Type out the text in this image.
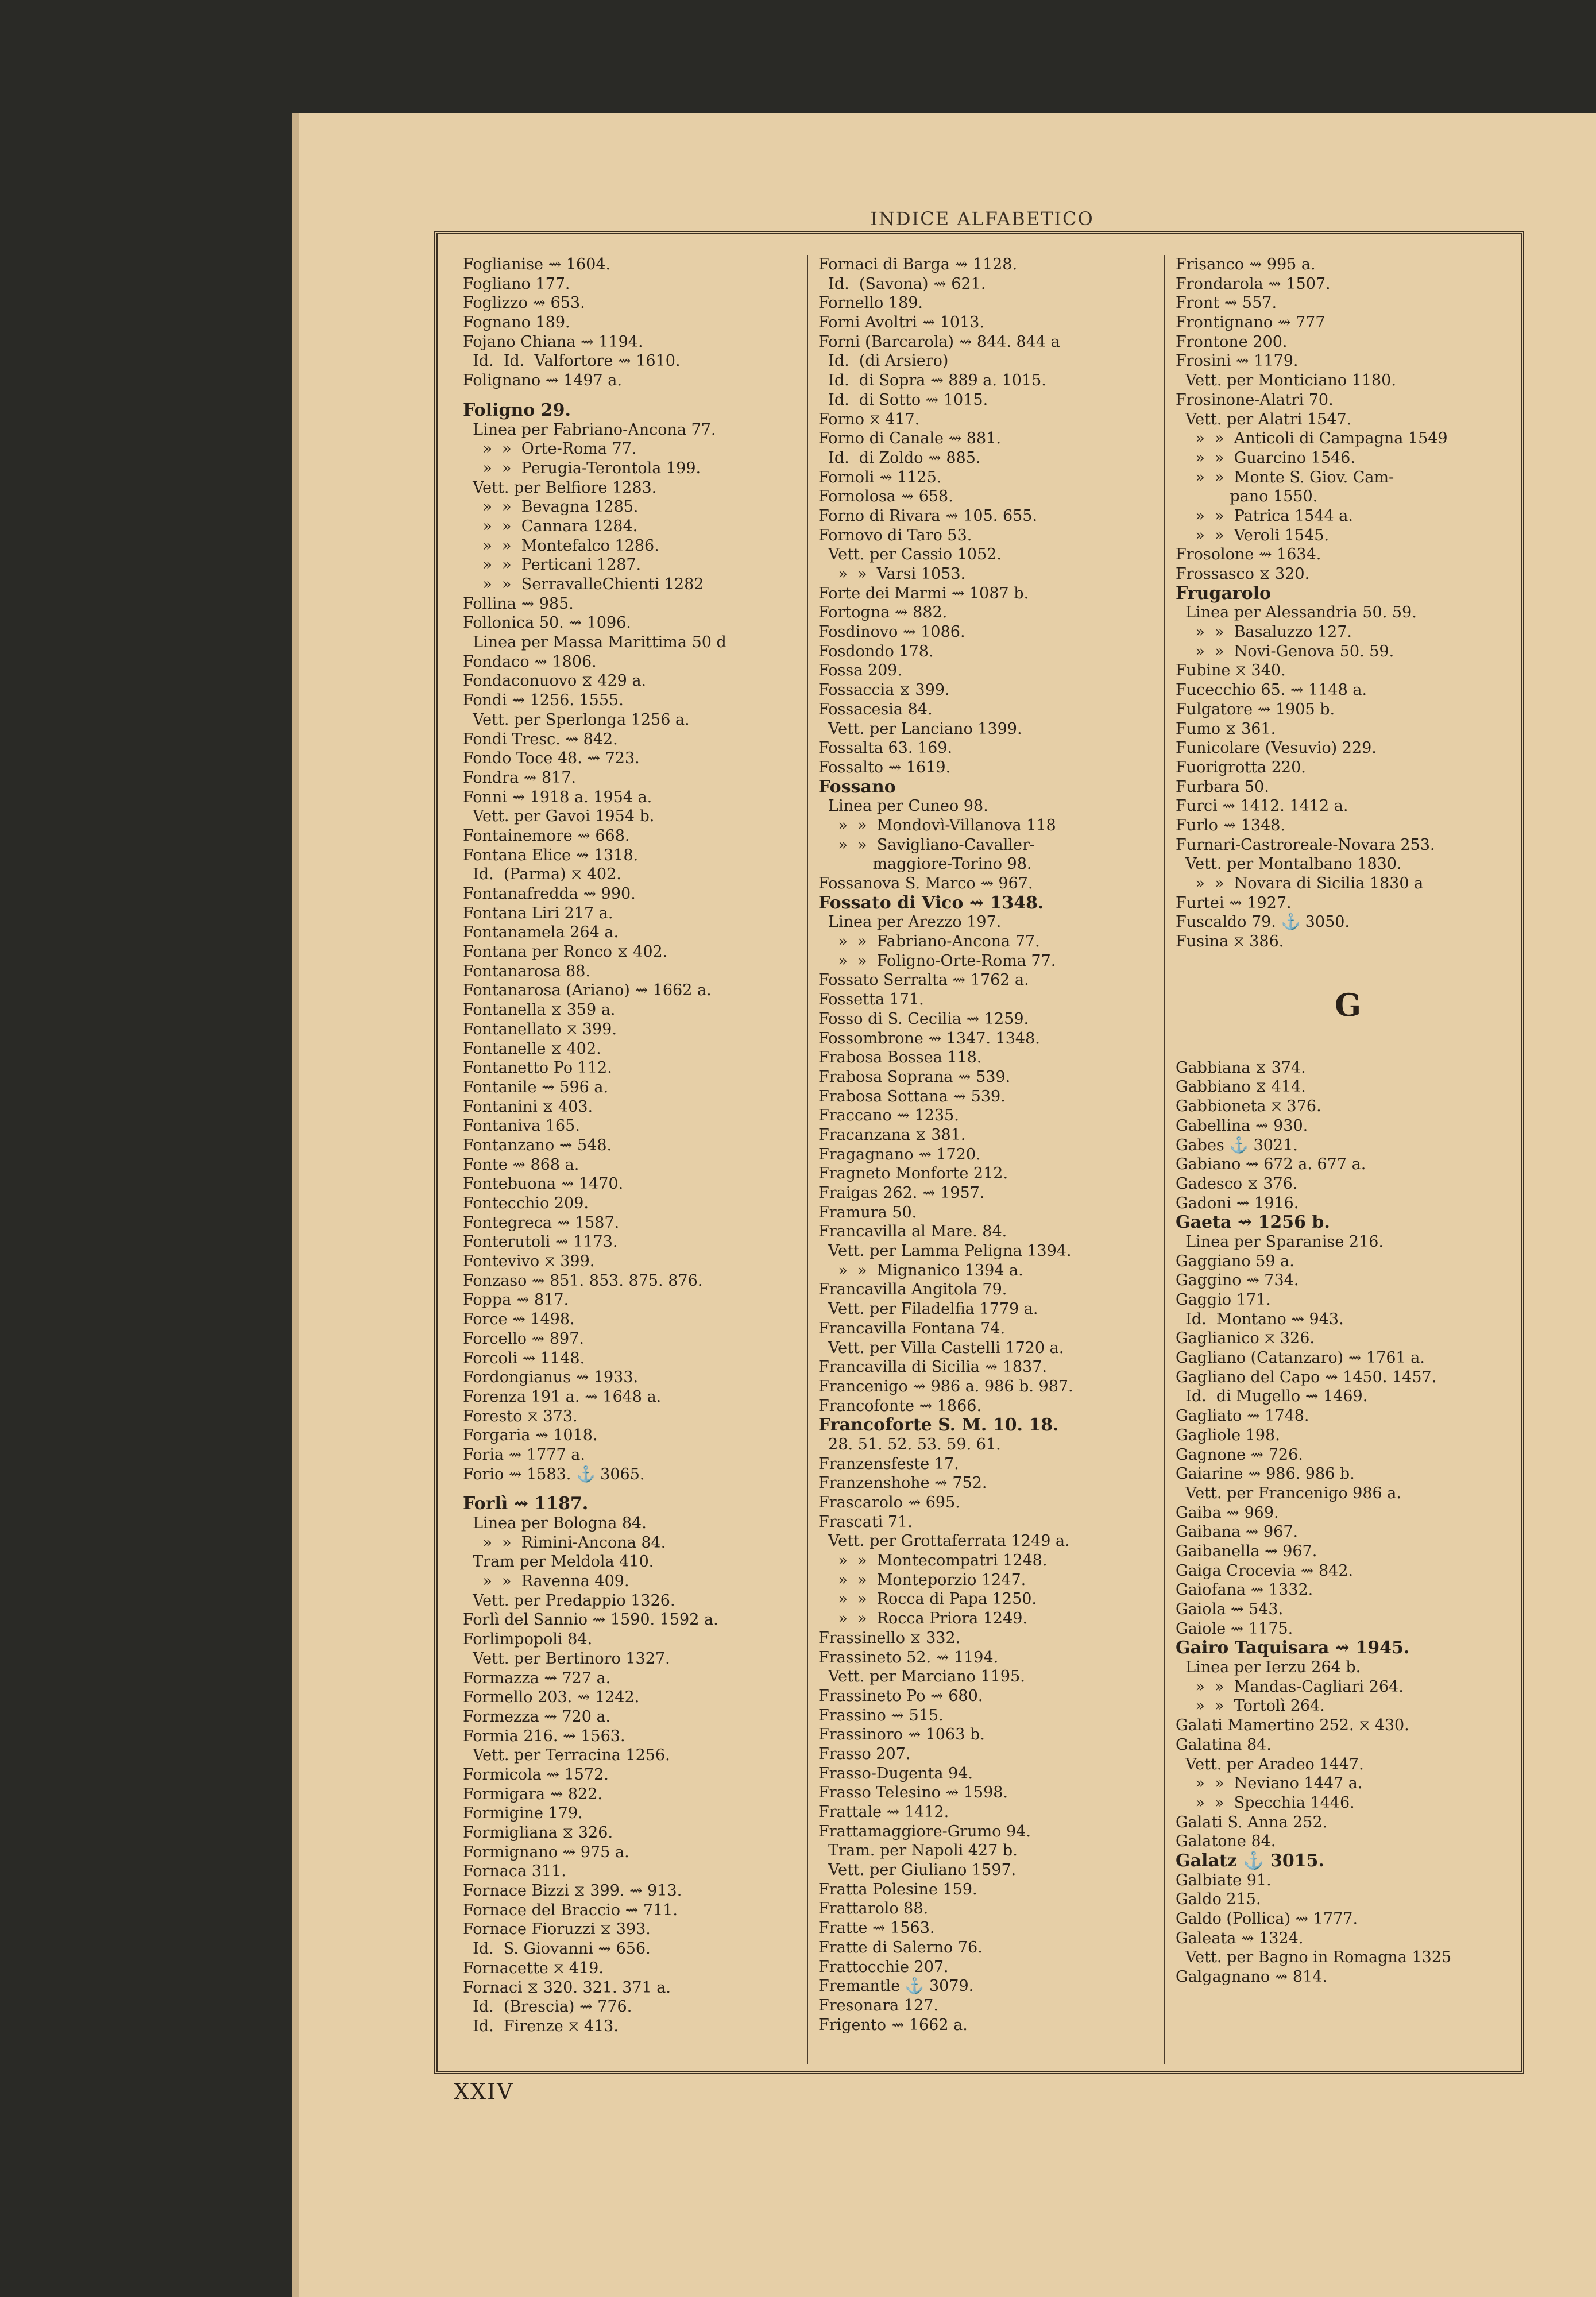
INDICE ALFABETICO
Foglianise ⇝ 1604.
Fogliano 177.
Foglizzo ⇝ 653.
Fognano 189.
Fojano Chiana ⇝ 1194.
Id.  Id.  Valfortore ⇝ 1610.
Folignano ⇝ 1497 a.
Foligno 29.
Linea per Fabriano-Ancona 77.
»  »  Orte-Roma 77.
»  »  Perugia-Terontola 199.
Vett. per Belfiore 1283.
»  »  Bevagna 1285.
»  »  Cannara 1284.
»  »  Montefalco 1286.
»  »  Perticani 1287.
»  »  SerravalleChienti 1282
Follina ⇝ 985.
Follonica 50. ⇝ 1096.
Linea per Massa Marittima 50 d
Fondaco ⇝ 1806.
Fondaconuovo ⧖ 429 a.
Fondi ⇝ 1256. 1555.
Vett. per Sperlonga 1256 a.
Fondi Tresc. ⇝ 842.
Fondo Toce 48. ⇝ 723.
Fondra ⇝ 817.
Fonni ⇝ 1918 a. 1954 a.
Vett. per Gavoi 1954 b.
Fontainemore ⇝ 668.
Fontana Elice ⇝ 1318.
Id.  (Parma) ⧖ 402.
Fontanafredda ⇝ 990.
Fontana Liri 217 a.
Fontanamela 264 a.
Fontana per Ronco ⧖ 402.
Fontanarosa 88.
Fontanarosa (Ariano) ⇝ 1662 a.
Fontanella ⧖ 359 a.
Fontanellato ⧖ 399.
Fontanelle ⧖ 402.
Fontanetto Po 112.
Fontanile ⇝ 596 a.
Fontanini ⧖ 403.
Fontaniva 165.
Fontanzano ⇝ 548.
Fonte ⇝ 868 a.
Fontebuona ⇝ 1470.
Fontecchio 209.
Fontegreca ⇝ 1587.
Fonterutoli ⇝ 1173.
Fontevivo ⧖ 399.
Fonzaso ⇝ 851. 853. 875. 876.
Foppa ⇝ 817.
Force ⇝ 1498.
Forcello ⇝ 897.
Forcoli ⇝ 1148.
Fordongianus ⇝ 1933.
Forenza 191 a. ⇝ 1648 a.
Foresto ⧖ 373.
Forgaria ⇝ 1018.
Foria ⇝ 1777 a.
Forio ⇝ 1583. ⚓ 3065.
Forlì ⇝ 1187.
Linea per Bologna 84.
»  »  Rimini-Ancona 84.
Tram per Meldola 410.
»  »  Ravenna 409.
Vett. per Predappio 1326.
Forlì del Sannio ⇝ 1590. 1592 a.
Forlimpopoli 84.
Vett. per Bertinoro 1327.
Formazza ⇝ 727 a.
Formello 203. ⇝ 1242.
Formezza ⇝ 720 a.
Formia 216. ⇝ 1563.
Vett. per Terracina 1256.
Formicola ⇝ 1572.
Formigara ⇝ 822.
Formigine 179.
Formigliana ⧖ 326.
Formignano ⇝ 975 a.
Fornaca 311.
Fornace Bizzi ⧖ 399. ⇝ 913.
Fornace del Braccio ⇝ 711.
Fornace Fioruzzi ⧖ 393.
Id.  S. Giovanni ⇝ 656.
Fornacette ⧖ 419.
Fornaci ⧖ 320. 321. 371 a.
Id.  (Brescia) ⇝ 776.
Id.  Firenze ⧖ 413.
Fornaci di Barga ⇝ 1128.
Id.  (Savona) ⇝ 621.
Fornello 189.
Forni Avoltri ⇝ 1013.
Forni (Barcarola) ⇝ 844. 844 a
Id.  (di Arsiero)
Id.  di Sopra ⇝ 889 a. 1015.
Id.  di Sotto ⇝ 1015.
Forno ⧖ 417.
Forno di Canale ⇝ 881.
Id.  di Zoldo ⇝ 885.
Fornoli ⇝ 1125.
Fornolosa ⇝ 658.
Forno di Rivara ⇝ 105. 655.
Fornovo di Taro 53.
Vett. per Cassio 1052.
»  »  Varsi 1053.
Forte dei Marmi ⇝ 1087 b.
Fortogna ⇝ 882.
Fosdinovo ⇝ 1086.
Fosdondo 178.
Fossa 209.
Fossaccia ⧖ 399.
Fossacesia 84.
Vett. per Lanciano 1399.
Fossalta 63. 169.
Fossalto ⇝ 1619.
Fossano
Linea per Cuneo 98.
»  »  Mondovì-Villanova 118
»  »  Savigliano-Cavaller-
maggiore-Torino 98.
Fossanova S. Marco ⇝ 967.
Fossato di Vico ⇝ 1348.
Linea per Arezzo 197.
»  »  Fabriano-Ancona 77.
»  »  Foligno-Orte-Roma 77.
Fossato Serralta ⇝ 1762 a.
Fossetta 171.
Fosso di S. Cecilia ⇝ 1259.
Fossombrone ⇝ 1347. 1348.
Frabosa Bossea 118.
Frabosa Soprana ⇝ 539.
Frabosa Sottana ⇝ 539.
Fraccano ⇝ 1235.
Fracanzana ⧖ 381.
Fragagnano ⇝ 1720.
Fragneto Monforte 212.
Fraigas 262. ⇝ 1957.
Framura 50.
Francavilla al Mare. 84.
Vett. per Lamma Peligna 1394.
»  »  Mignanico 1394 a.
Francavilla Angitola 79.
Vett. per Filadelfia 1779 a.
Francavilla Fontana 74.
Vett. per Villa Castelli 1720 a.
Francavilla di Sicilia ⇝ 1837.
Francenigo ⇝ 986 a. 986 b. 987.
Francofonte ⇝ 1866.
Francoforte S. M. 10. 18.
28. 51. 52. 53. 59. 61.
Franzensfeste 17.
Franzenshohe ⇝ 752.
Frascarolo ⇝ 695.
Frascati 71.
Vett. per Grottaferrata 1249 a.
»  »  Montecompatri 1248.
»  »  Monteporzio 1247.
»  »  Rocca di Papa 1250.
»  »  Rocca Priora 1249.
Frassinello ⧖ 332.
Frassineto 52. ⇝ 1194.
Vett. per Marciano 1195.
Frassineto Po ⇝ 680.
Frassino ⇝ 515.
Frassinoro ⇝ 1063 b.
Frasso 207.
Frasso-Dugenta 94.
Frasso Telesino ⇝ 1598.
Frattale ⇝ 1412.
Frattamaggiore-Grumo 94.
Tram. per Napoli 427 b.
Vett. per Giuliano 1597.
Fratta Polesine 159.
Frattarolo 88.
Fratte ⇝ 1563.
Fratte di Salerno 76.
Frattocchie 207.
Fremantle ⚓ 3079.
Fresonara 127.
Frigento ⇝ 1662 a.
Frisanco ⇝ 995 a.
Frondarola ⇝ 1507.
Front ⇝ 557.
Frontignano ⇝ 777
Frontone 200.
Frosini ⇝ 1179.
Vett. per Monticiano 1180.
Frosinone-Alatri 70.
Vett. per Alatri 1547.
»  »  Anticoli di Campagna 1549
»  »  Guarcino 1546.
»  »  Monte S. Giov. Cam-
pano 1550.
»  »  Patrica 1544 a.
»  »  Veroli 1545.
Frosolone ⇝ 1634.
Frossasco ⧖ 320.
Frugarolo
Linea per Alessandria 50. 59.
»  »  Basaluzzo 127.
»  »  Novi-Genova 50. 59.
Fubine ⧖ 340.
Fucecchio 65. ⇝ 1148 a.
Fulgatore ⇝ 1905 b.
Fumo ⧖ 361.
Funicolare (Vesuvio) 229.
Fuorigrotta 220.
Furbara 50.
Furci ⇝ 1412. 1412 a.
Furlo ⇝ 1348.
Furnari-Castroreale-Novara 253.
Vett. per Montalbano 1830.
»  »  Novara di Sicilia 1830 a
Furtei ⇝ 1927.
Fuscaldo 79. ⚓ 3050.
Fusina ⧖ 386.
G
Gabbiana ⧖ 374.
Gabbiano ⧖ 414.
Gabbioneta ⧖ 376.
Gabellina ⇝ 930.
Gabes ⚓ 3021.
Gabiano ⇝ 672 a. 677 a.
Gadesco ⧖ 376.
Gadoni ⇝ 1916.
Gaeta ⇝ 1256 b.
Linea per Sparanise 216.
Gaggiano 59 a.
Gaggino ⇝ 734.
Gaggio 171.
Id.  Montano ⇝ 943.
Gaglianico ⧖ 326.
Gagliano (Catanzaro) ⇝ 1761 a.
Gagliano del Capo ⇝ 1450. 1457.
Id.  di Mugello ⇝ 1469.
Gagliato ⇝ 1748.
Gagliole 198.
Gagnone ⇝ 726.
Gaiarine ⇝ 986. 986 b.
Vett. per Francenigo 986 a.
Gaiba ⇝ 969.
Gaibana ⇝ 967.
Gaibanella ⇝ 967.
Gaiga Crocevia ⇝ 842.
Gaiofana ⇝ 1332.
Gaiola ⇝ 543.
Gaiole ⇝ 1175.
Gairo Taquisara ⇝ 1945.
Linea per Ierzu 264 b.
»  »  Mandas-Cagliari 264.
»  »  Tortolì 264.
Galati Mamertino 252. ⧖ 430.
Galatina 84.
Vett. per Aradeo 1447.
»  »  Neviano 1447 a.
»  »  Specchia 1446.
Galati S. Anna 252.
Galatone 84.
Galatz ⚓ 3015.
Galbiate 91.
Galdo 215.
Galdo (Pollica) ⇝ 1777.
Galeata ⇝ 1324.
Vett. per Bagno in Romagna 1325
Galgagnano ⇝ 814.
XXIV
